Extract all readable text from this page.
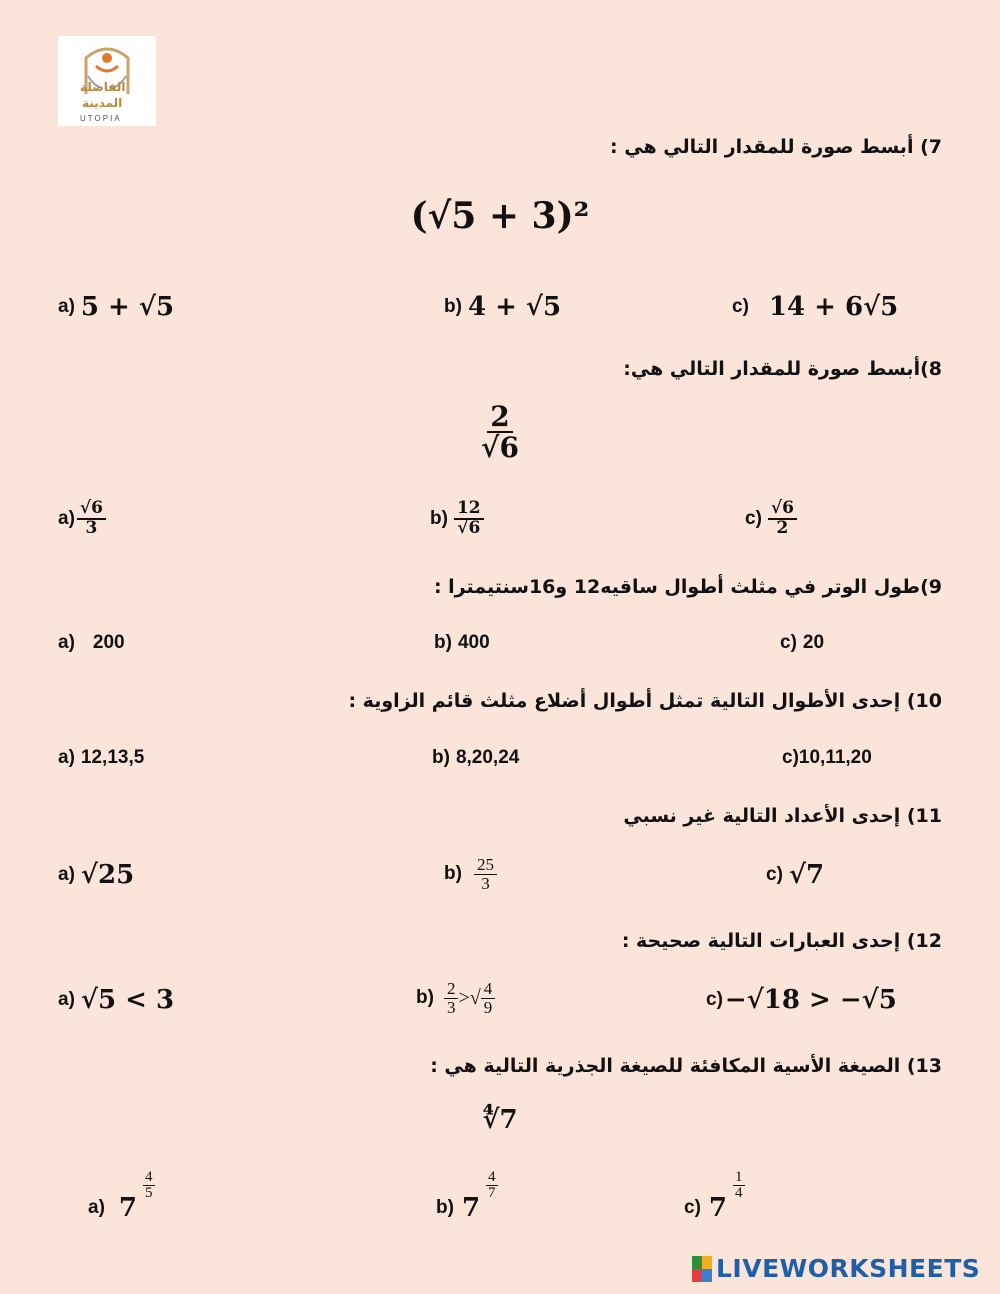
الفاضلة
المدينة
UTOPIA
7) أبسط صورة للمقدار التالي هي :
(√5 + 3)²
a) 5 + √5	b) 4 + √5	c) 14 + 6√5
8)أبسط صورة للمقدار التالي هي:
$\frac{2}{√6}$
$a) \frac{√6}{3}$	$b) \frac{12}{√6}$	$c) \frac{√6}{2}$
9)طول الوتر في مثلث أطوال ساقيه12 و16سنتيمترا :
a) 200	b) 400	c) 20
10) إحدى الأطوال التالية تمثل أطوال أضلاع مثلث قائم الزاوية :
a) 12,13,5	b) 8,20,24	c) 10,11,20
11) إحدى الأعداد التالية غير نسبي
a) √25	$b) \frac{25}{3}$	c) √7
12) إحدى العبارات التالية صحيحة :
a) √5 < 3	$b) \frac{2}{3}$ >√ $\frac{4}{9}$	c) −√18 > −√5
13) الصيغة الأسية المكافئة للصيغة الجذرية التالية هي :
∜7
a) 7
$\frac{4}{5}$
b) 7
$\frac{4}{7}$
c) 7
$\frac{1}{4}$
LIVEWORKSHEETS
